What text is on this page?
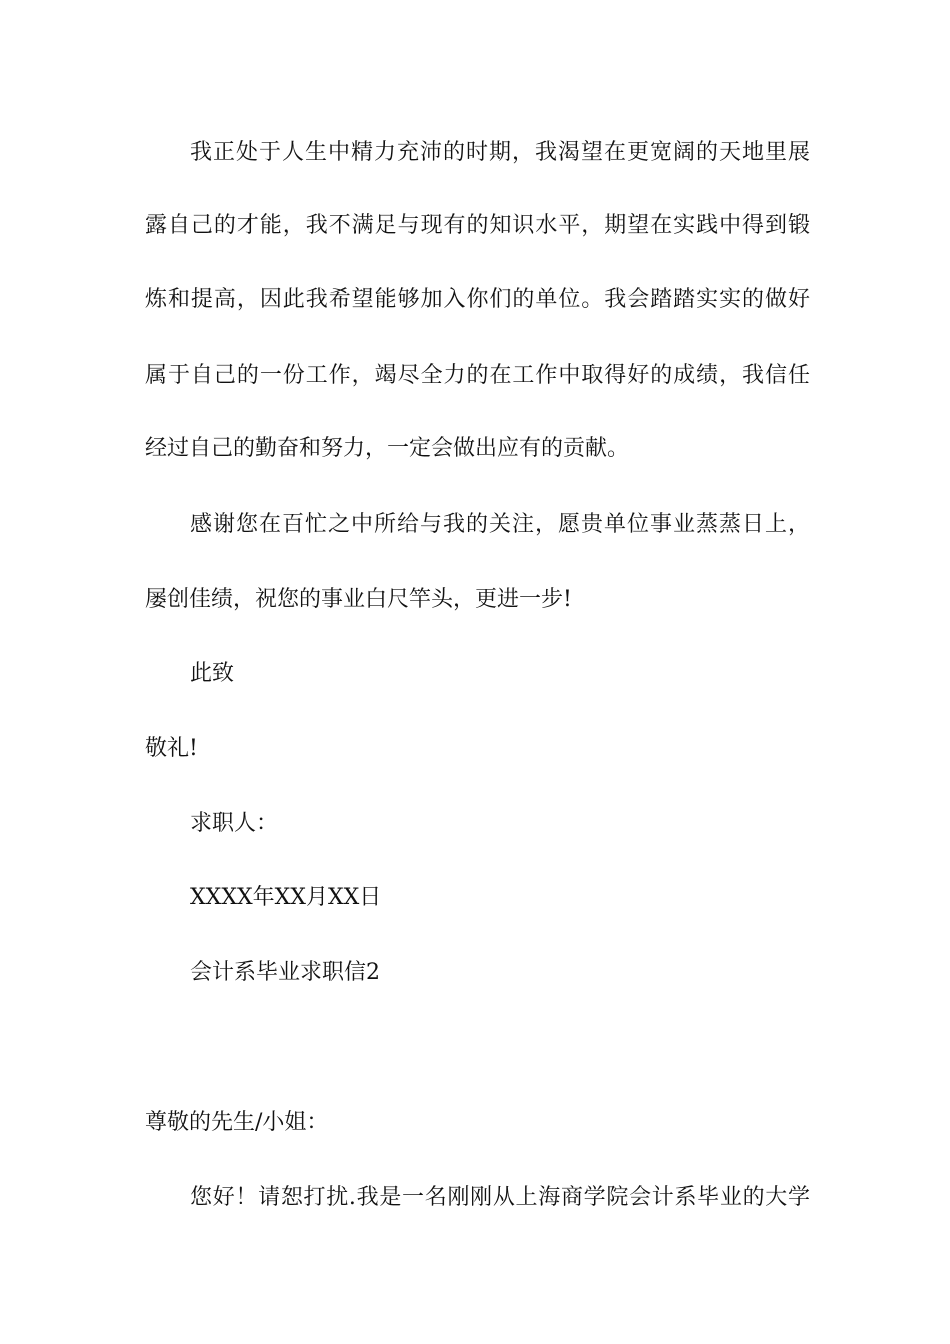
我正处于人生中精力充沛的时期，我渴望在更宽阔的天地里展
露自己的才能，我不满足与现有的知识水平，期望在实践中得到锻
炼和提高，因此我希望能够加入你们的单位。我会踏踏实实的做好
属于自己的一份工作，竭尽全力的在工作中取得好的成绩，我信任
经过自己的勤奋和努力，一定会做出应有的贡献。
感谢您在百忙之中所给与我的关注，愿贵单位事业蒸蒸日上，
屡创佳绩，祝您的事业白尺竿头，更进一步!
此致
敬礼!
求职人：
XXXX年XX月XX日
会计系毕业求职信2
尊敬的先生/小姐：
您好！请恕打扰.我是一名刚刚从上海商学院会计系毕业的大学
